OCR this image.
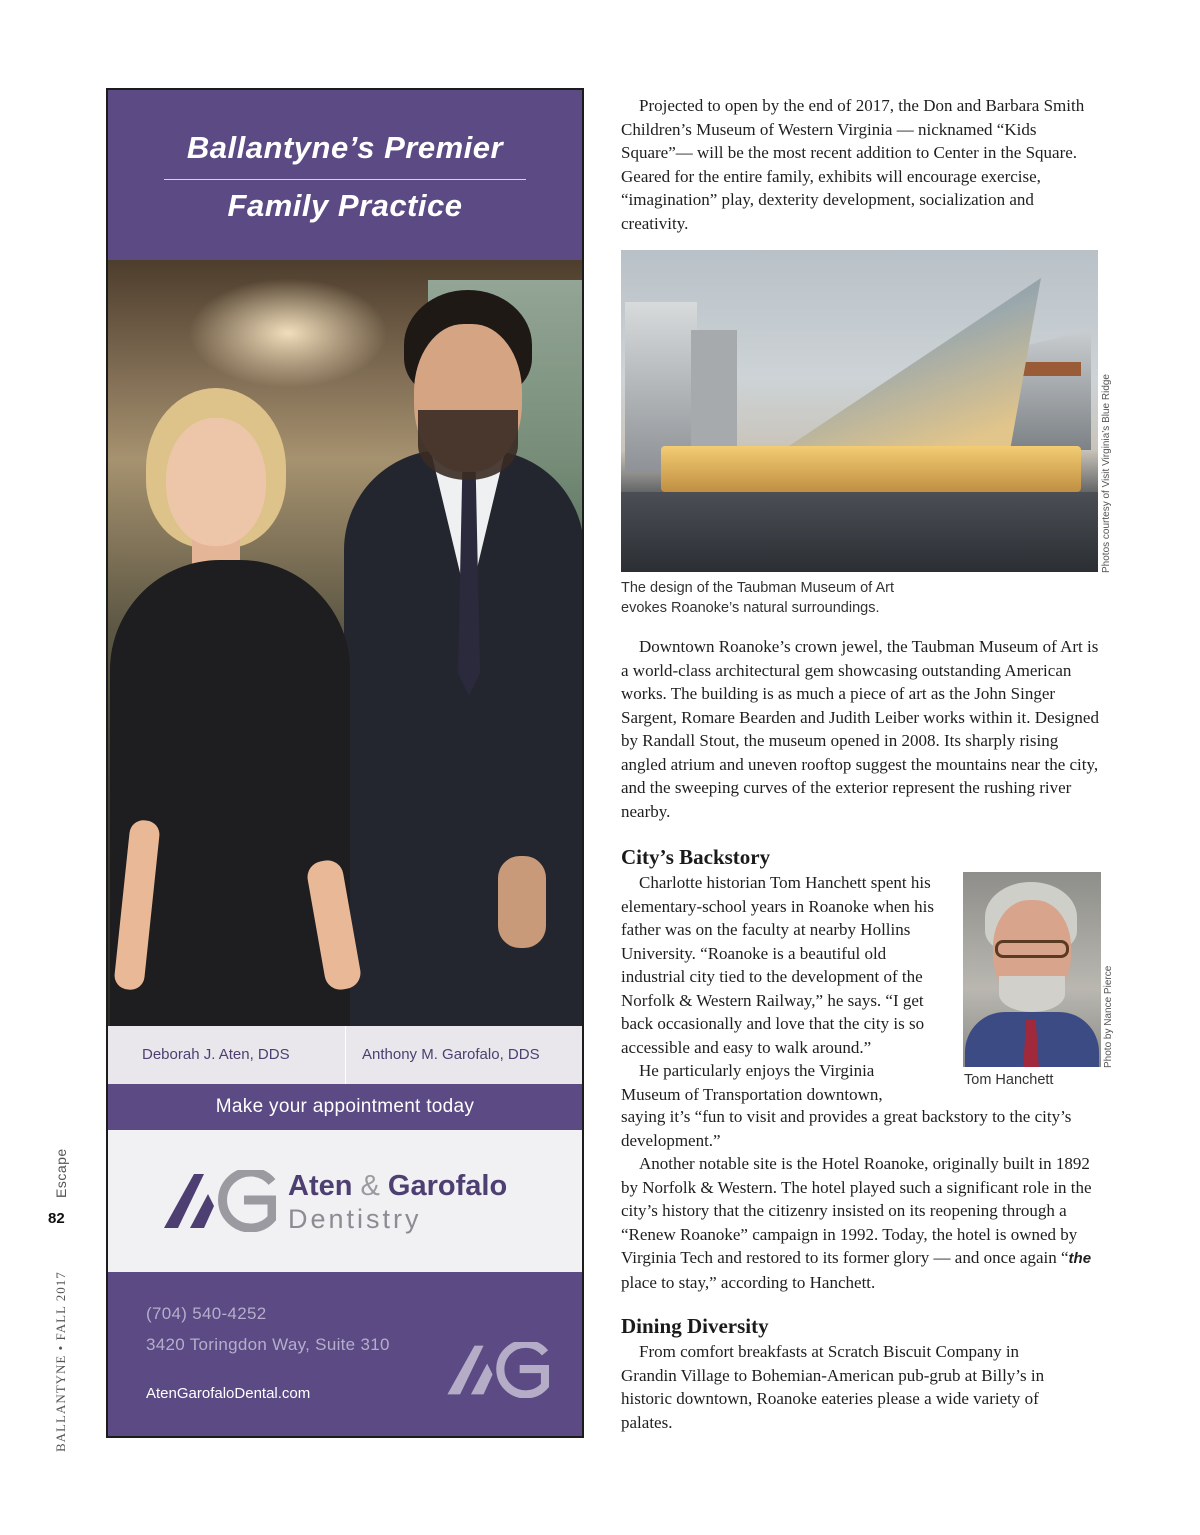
82
Escape
BALLANTYNE • FALL 2017
Ballantyne’s Premier
Family Practice
Deborah J. Aten, DDS	Anthony M. Garofalo, DDS
Make your appointment today
Aten & Garofalo
Dentistry
(704) 540-4252
3420 Toringdon Way, Suite 310
AtenGarofaloDental.com

Projected to open by the end of 2017, the Don and Barbara Smith Children’s Museum of Western Virginia — nicknamed “Kids Square”— will be the most recent addition to Center in the Square. Geared for the entire family, exhibits will encourage exercise, “imagination” play, dexterity development, socialization and creativity.

Photos courtesy of Visit Virginia’s Blue Ridge

The design of the Taubman Museum of Art
evokes Roanoke’s natural surroundings.

Downtown Roanoke’s crown jewel, the Taubman Museum of Art is a world-class architectural gem showcasing outstanding American works. The building is as much a piece of art as the John Singer Sargent, Romare Bearden and Judith Leiber works within it. Designed by Randall Stout, the museum opened in 2008. Its sharply rising angled atrium and uneven rooftop suggest the mountains near the city, and the sweeping curves of the exterior represent the rushing river nearby.

City’s Backstory

Charlotte historian Tom Hanchett spent his elementary-school years in Roanoke when his father was on the faculty at nearby Hollins University. “Roanoke is a beautiful old industrial city tied to the development of the Norfolk & Western Railway,” he says. “I get back occasionally and love that the city is so accessible and easy to walk around.”
He particularly enjoys the Virginia
Museum of Transportation downtown,

saying it’s “fun to visit and provides a great backstory to the city’s development.”

Photo by Nance Pierce

Tom Hanchett

Another notable site is the Hotel Roanoke, originally built in 1892 by Norfolk & Western. The hotel played such a significant role in the city’s history that the citizenry insisted on its reopening through a “Renew Roanoke” campaign in 1992. Today, the hotel is owned by Virginia Tech and restored to its former glory — and once again “the place to stay,” according to Hanchett.

Dining Diversity

From comfort breakfasts at Scratch Biscuit Company in Grandin Village to Bohemian-American pub-grub at Billy’s in historic downtown, Roanoke eateries please a wide variety of palates.
